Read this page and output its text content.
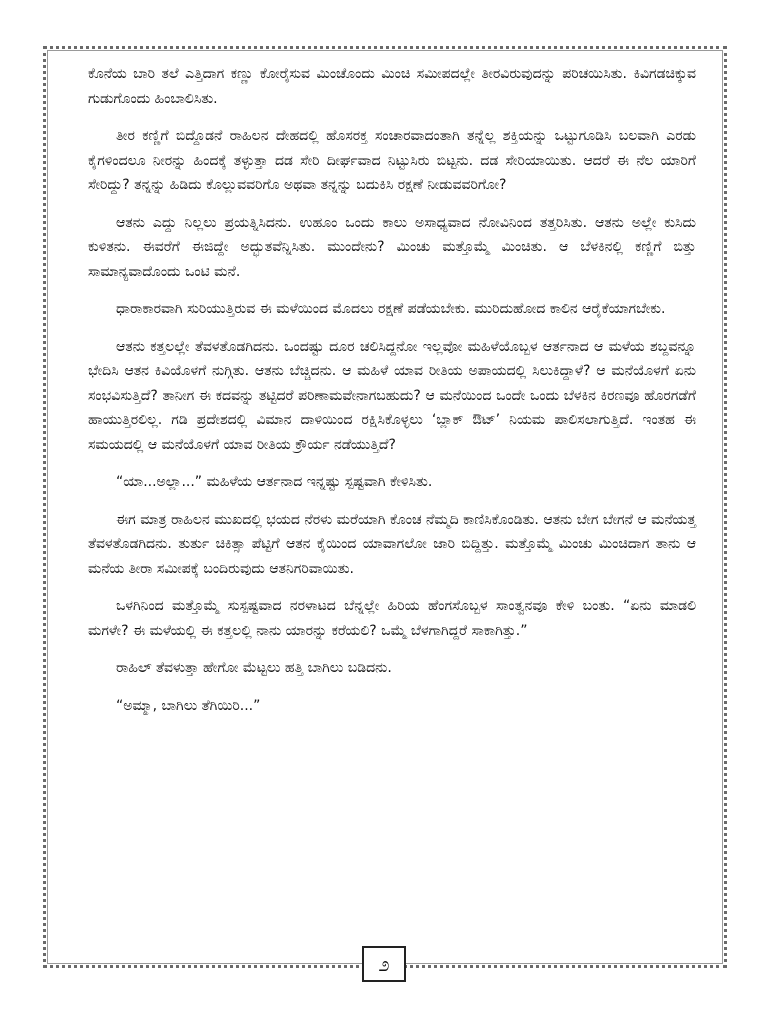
ಕೊನೆಯ ಬಾರಿ ತಲೆ ಎತ್ತಿದಾಗ ಕಣ್ಣು ಕೋರೈಸುವ ಮಿಂಚೊಂದು ಮಿಂಚಿ ಸಮೀಪದಲ್ಲೇ ತೀರವಿರುವುದನ್ನು ಪರಿಚಯಿಸಿತು. ಕಿವಿಗಡಚಿಕ್ಕುವ ಗುಡುಗೊಂದು ಹಿಂಬಾಲಿಸಿತು.

ತೀರ ಕಣ್ಣಿಗೆ ಬಿದ್ದೊಡನೆ ರಾಹಿಲನ ದೇಹದಲ್ಲಿ ಹೊಸರಕ್ತ ಸಂಚಾರವಾದಂತಾಗಿ ತನ್ನೆಲ್ಲ ಶಕ್ತಿಯನ್ನು ಒಟ್ಟುಗೂಡಿಸಿ ಬಲವಾಗಿ ಎರಡು ಕೈಗಳಿಂದಲೂ ನೀರನ್ನು ಹಿಂದಕ್ಕೆ ತಳ್ಳುತ್ತಾ ದಡ ಸೇರಿ ದೀರ್ಘವಾದ ನಿಟ್ಟುಸಿರು ಬಿಟ್ಟನು. ದಡ ಸೇರಿಯಾಯಿತು. ಆದರೆ ಈ ನೆಲ ಯಾರಿಗೆ ಸೇರಿದ್ದು? ತನ್ನನ್ನು ಹಿಡಿದು ಕೊಲ್ಲುವವರಿಗೊ ಅಥವಾ ತನ್ನನ್ನು ಬದುಕಿಸಿ ರಕ್ಷಣೆ ನೀಡುವವರಿಗೋ?

ಆತನು ಎದ್ದು ನಿಲ್ಲಲು ಪ್ರಯತ್ನಿಸಿದನು. ಉಹೂಂ ಒಂದು ಕಾಲು ಅಸಾಧ್ಯವಾದ ನೋವಿನಿಂದ ತತ್ತರಿಸಿತು. ಆತನು ಅಲ್ಲೇ ಕುಸಿದು ಕುಳಿತನು. ಈವರೆಗೆ ಈಜಿದ್ದೇ ಅದ್ಭುತವೆನ್ನಿಸಿತು. ಮುಂದೇನು? ಮಿಂಚು ಮತ್ತೊಮ್ಮೆ ಮಿಂಚಿತು. ಆ ಬೆಳಕಿನಲ್ಲಿ ಕಣ್ಣಿಗೆ ಬಿತ್ತು ಸಾಮಾನ್ಯವಾದೊಂದು ಒಂಟಿ ಮನೆ.

ಧಾರಾಕಾರವಾಗಿ ಸುರಿಯುತ್ತಿರುವ ಈ ಮಳೆಯಿಂದ ಮೊದಲು ರಕ್ಷಣೆ ಪಡೆಯಬೇಕು. ಮುರಿದುಹೋದ ಕಾಲಿನ ಆರೈಕೆಯಾಗಬೇಕು.

ಆತನು ಕತ್ತಲಲ್ಲೇ ತೆವಳತೊಡಗಿದನು. ಒಂದಷ್ಟು ದೂರ ಚಲಿಸಿದ್ದನೋ ಇಲ್ಲವೋ ಮಹಿಳೆಯೊಬ್ಬಳ ಆರ್ತನಾದ ಆ ಮಳೆಯ ಶಬ್ದವನ್ನೂ ಭೇದಿಸಿ ಆತನ ಕಿವಿಯೊಳಗೆ ನುಗ್ಗಿತು. ಆತನು ಬೆಚ್ಚಿದನು. ಆ ಮಹಿಳೆ ಯಾವ ರೀತಿಯ ಅಪಾಯದಲ್ಲಿ ಸಿಲುಕಿದ್ದಾಳೆ? ಆ ಮನೆಯೊಳಗೆ ಏನು ಸಂಭವಿಸುತ್ತಿದೆ? ತಾನೀಗ ಈ ಕದವನ್ನು ತಟ್ಟಿದರೆ ಪರಿಣಾಮವೇನಾಗಬಹುದು? ಆ ಮನೆಯಿಂದ ಒಂದೇ ಒಂದು ಬೆಳಕಿನ ಕಿರಣವೂ ಹೊರಗಡೆಗೆ ಹಾಯುತ್ತಿರಲಿಲ್ಲ. ಗಡಿ ಪ್ರದೇಶದಲ್ಲಿ ವಿಮಾನ ದಾಳಿಯಿಂದ ರಕ್ಷಿಸಿಕೊಳ್ಳಲು ‘ಬ್ಲಾಕ್ ಔಟ್’ ನಿಯಮ ಪಾಲಿಸಲಾಗುತ್ತಿದೆ. ಇಂತಹ ಈ ಸಮಯದಲ್ಲಿ ಆ ಮನೆಯೊಳಗೆ ಯಾವ ರೀತಿಯ ಕ್ರೌರ್ಯ ನಡೆಯುತ್ತಿದೆ?

“ಯಾ...ಅಲ್ಲಾ...” ಮಹಿಳೆಯ ಆರ್ತನಾದ ಇನ್ನಷ್ಟು ಸ್ಪಷ್ಟವಾಗಿ ಕೇಳಿಸಿತು.

ಈಗ ಮಾತ್ರ ರಾಹಿಲನ ಮುಖದಲ್ಲಿ ಭಯದ ನೆರಳು ಮರೆಯಾಗಿ ಕೊಂಚ ನೆಮ್ಮದಿ ಕಾಣಿಸಿಕೊಂಡಿತು. ಆತನು ಬೇಗ ಬೇಗನೆ ಆ ಮನೆಯತ್ತ ತೆವಳತೊಡಗಿದನು. ತುರ್ತು ಚಿಕಿತ್ಸಾ ಪೆಟ್ಟಿಗೆ ಆತನ ಕೈಯಿಂದ ಯಾವಾಗಲೋ ಜಾರಿ ಬಿದ್ದಿತ್ತು. ಮತ್ತೊಮ್ಮೆ ಮಿಂಚು ಮಿಂಚಿದಾಗ ತಾನು ಆ ಮನೆಯ ತೀರಾ ಸಮೀಪಕ್ಕೆ ಬಂದಿರುವುದು ಆತನಿಗರಿವಾಯಿತು.

ಒಳಗಿನಿಂದ ಮತ್ತೊಮ್ಮೆ ಸುಸ್ಪಷ್ಟವಾದ ನರಳಾಟದ ಬೆನ್ನಲ್ಲೇ ಹಿರಿಯ ಹೆಂಗಸೊಬ್ಬಳ ಸಾಂತ್ವನವೂ ಕೇಳಿ ಬಂತು. “ಏನು ಮಾಡಲಿ ಮಗಳೇ? ಈ ಮಳೆಯಲ್ಲಿ ಈ ಕತ್ತಲಲ್ಲಿ ನಾನು ಯಾರನ್ನು ಕರೆಯಲಿ? ಒಮ್ಮೆ ಬೆಳಗಾಗಿದ್ದರೆ ಸಾಕಾಗಿತ್ತು.”

ರಾಹಿಲ್ ತೆವಳುತ್ತಾ ಹೇಗೋ ಮೆಟ್ಟಲು ಹತ್ತಿ ಬಾಗಿಲು ಬಡಿದನು.

“ಅಮ್ಮಾ, ಬಾಗಿಲು ತೆಗಿಯಿರಿ...”

೨
